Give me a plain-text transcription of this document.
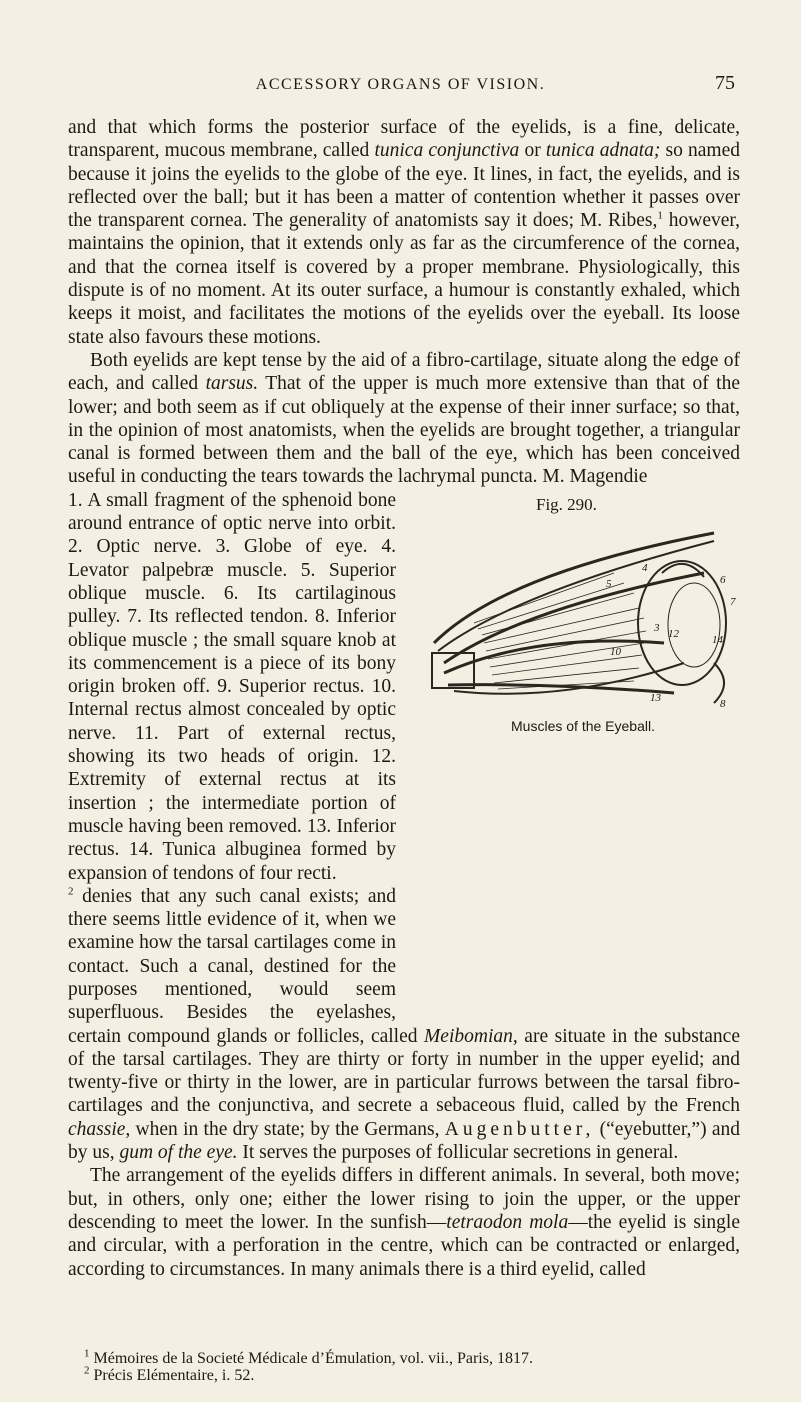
ACCESSORY ORGANS OF VISION.	75

and that which forms the posterior surface of the eyelids, is a fine, delicate, transparent, mucous membrane, called tunica conjunctiva or tunica adnata; so named because it joins the eyelids to the globe of the eye. It lines, in fact, the eyelids, and is reflected over the ball; but it has been a matter of contention whether it passes over the transparent cornea. The generality of anatomists say it does; M. Ribes,$^1$ however, maintains the opinion, that it extends only as far as the circumference of the cornea, and that the cornea itself is covered by a proper membrane. Physiologically, this dispute is of no moment. At its outer surface, a humour is constantly exhaled, which keeps it moist, and facilitates the motions of the eyelids over the eyeball. Its loose state also favours these motions.

Both eyelids are kept tense by the aid of a fibro-cartilage, situate along the edge of each, and called tarsus. That of the upper is much more extensive than that of the lower; and both seem as if cut obliquely at the expense of their inner surface; so that, in the opinion of most anatomists, when the eyelids are brought together, a triangular canal is formed between them and the ball of the eye, which has been conceived useful in conducting the tears towards the lachrymal puncta. M. Magendie
Fig. 290.
4
5	6
7
3 12	14
10
13	8
Muscles of the Eyeball.

1. A small fragment of the sphenoid bone around entrance of optic nerve into orbit. 2. Optic nerve. 3. Globe of eye. 4. Levator palpebræ muscle. 5. Superior oblique muscle. 6. Its cartilaginous pulley. 7. Its reflected tendon. 8. Inferior oblique muscle ; the small square knob at its commencement is a piece of its bony origin broken off. 9. Superior rectus. 10. Internal rectus almost concealed by optic nerve. 11. Part of external rectus, showing its two heads of origin. 12. Extremity of external rectus at its insertion ; the intermediate portion of muscle having been removed. 13. Inferior rectus. 14. Tunica albuginea formed by expansion of tendons of four recti.

$^2$ denies that any such canal exists; and there seems little evidence of it, when we examine how the tarsal cartilages come in contact. Such a canal, destined for the purposes mentioned, would seem superfluous. Besides the eyelashes, certain compound glands or follicles, called Meibomian, are situate in the substance of the tarsal cartilages. They are thirty or forty in number in the upper eyelid; and twenty-five or thirty in the lower, are in particular furrows between the tarsal fibro-cartilages and the conjunctiva, and secrete a sebaceous fluid, called by the French chassie, when in the dry state; by the Germans, Augenbutter, (“eyebutter,”) and by us, gum of the eye. It serves the purposes of follicular secretions in general.

The arrangement of the eyelids differs in different animals. In several, both move; but, in others, only one; either the lower rising to join the upper, or the upper descending to meet the lower. In the sunfish—tetraodon mola—the eyelid is single and circular, with a perforation in the centre, which can be contracted or enlarged, according to circumstances. In many animals there is a third eyelid, called

$^1$ Mémoires de la Societé Médicale d’Émulation, vol. vii., Paris, 1817.

$^2$ Précis Elémentaire, i. 52.
